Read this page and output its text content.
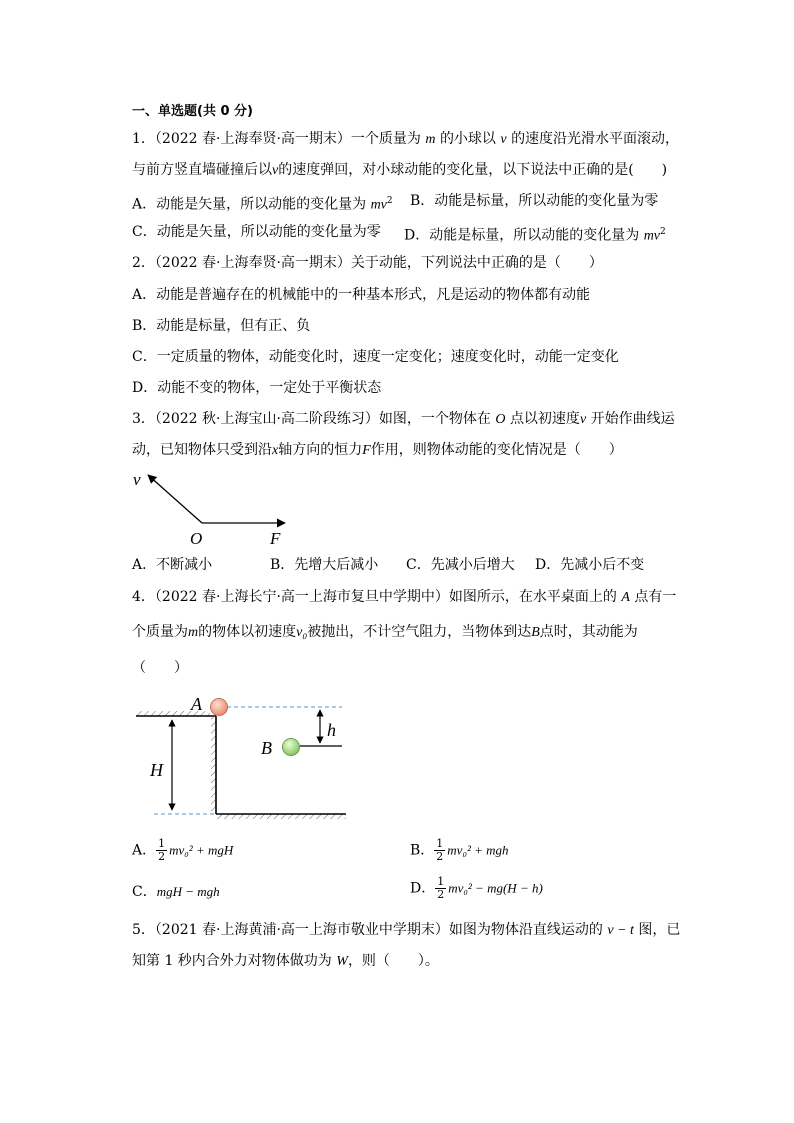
一、单选题(共 0 分)
1．（2022 春·上海奉贤·高一期末）一个质量为 m 的小球以 v 的速度沿光滑水平面滚动，
与前方竖直墙碰撞后以v的速度弹回，对小球动能的变化量，以下说法中正确的是(　　)
A．动能是矢量，所以动能的变化量为 $mv^2$ B．动能是标量，所以动能的变化量为零
C．动能是矢量，所以动能的变化量为零 D．动能是标量，所以动能的变化量为 $mv^2$
2．（2022 春·上海奉贤·高一期末）关于动能，下列说法中正确的是（　　）
A．动能是普遍存在的机械能中的一种基本形式，凡是运动的物体都有动能
B．动能是标量，但有正、负
C．一定质量的物体，动能变化时，速度一定变化；速度变化时，动能一定变化
D．动能不变的物体，一定处于平衡状态
3．（2022 秋·上海宝山·高二阶段练习）如图，一个物体在 O 点以初速度v 开始作曲线运
动，已知物体只受到沿x轴方向的恒力F作用，则物体动能的变化情况是（　　）
v
O	F
A．不断减小	B．先增大后减小 C．先减小后增大 D．先减小后不变
4．（2022 春·上海长宁·高一上海市复旦中学期中）如图所示，在水平桌面上的 A 点有一
个质量为m的物体以初速度v₀被抛出，不计空气阻力，当物体到达B点时，其动能为
（　　）
H
h
A
B
A． $\frac{1}{2} mv_0^2$ + mgH	B． $\frac{1}{2} mv_0^2$ + mgh
C．mgH − mgh	D． $\frac{1}{2} mv_0^2 - mg(H - h)$
5．（2021 春·上海黄浦·高一上海市敬业中学期末）如图为物体沿直线运动的 v − t 图，已
知第 1 秒内合外力对物体做功为 W，则（　　）。
